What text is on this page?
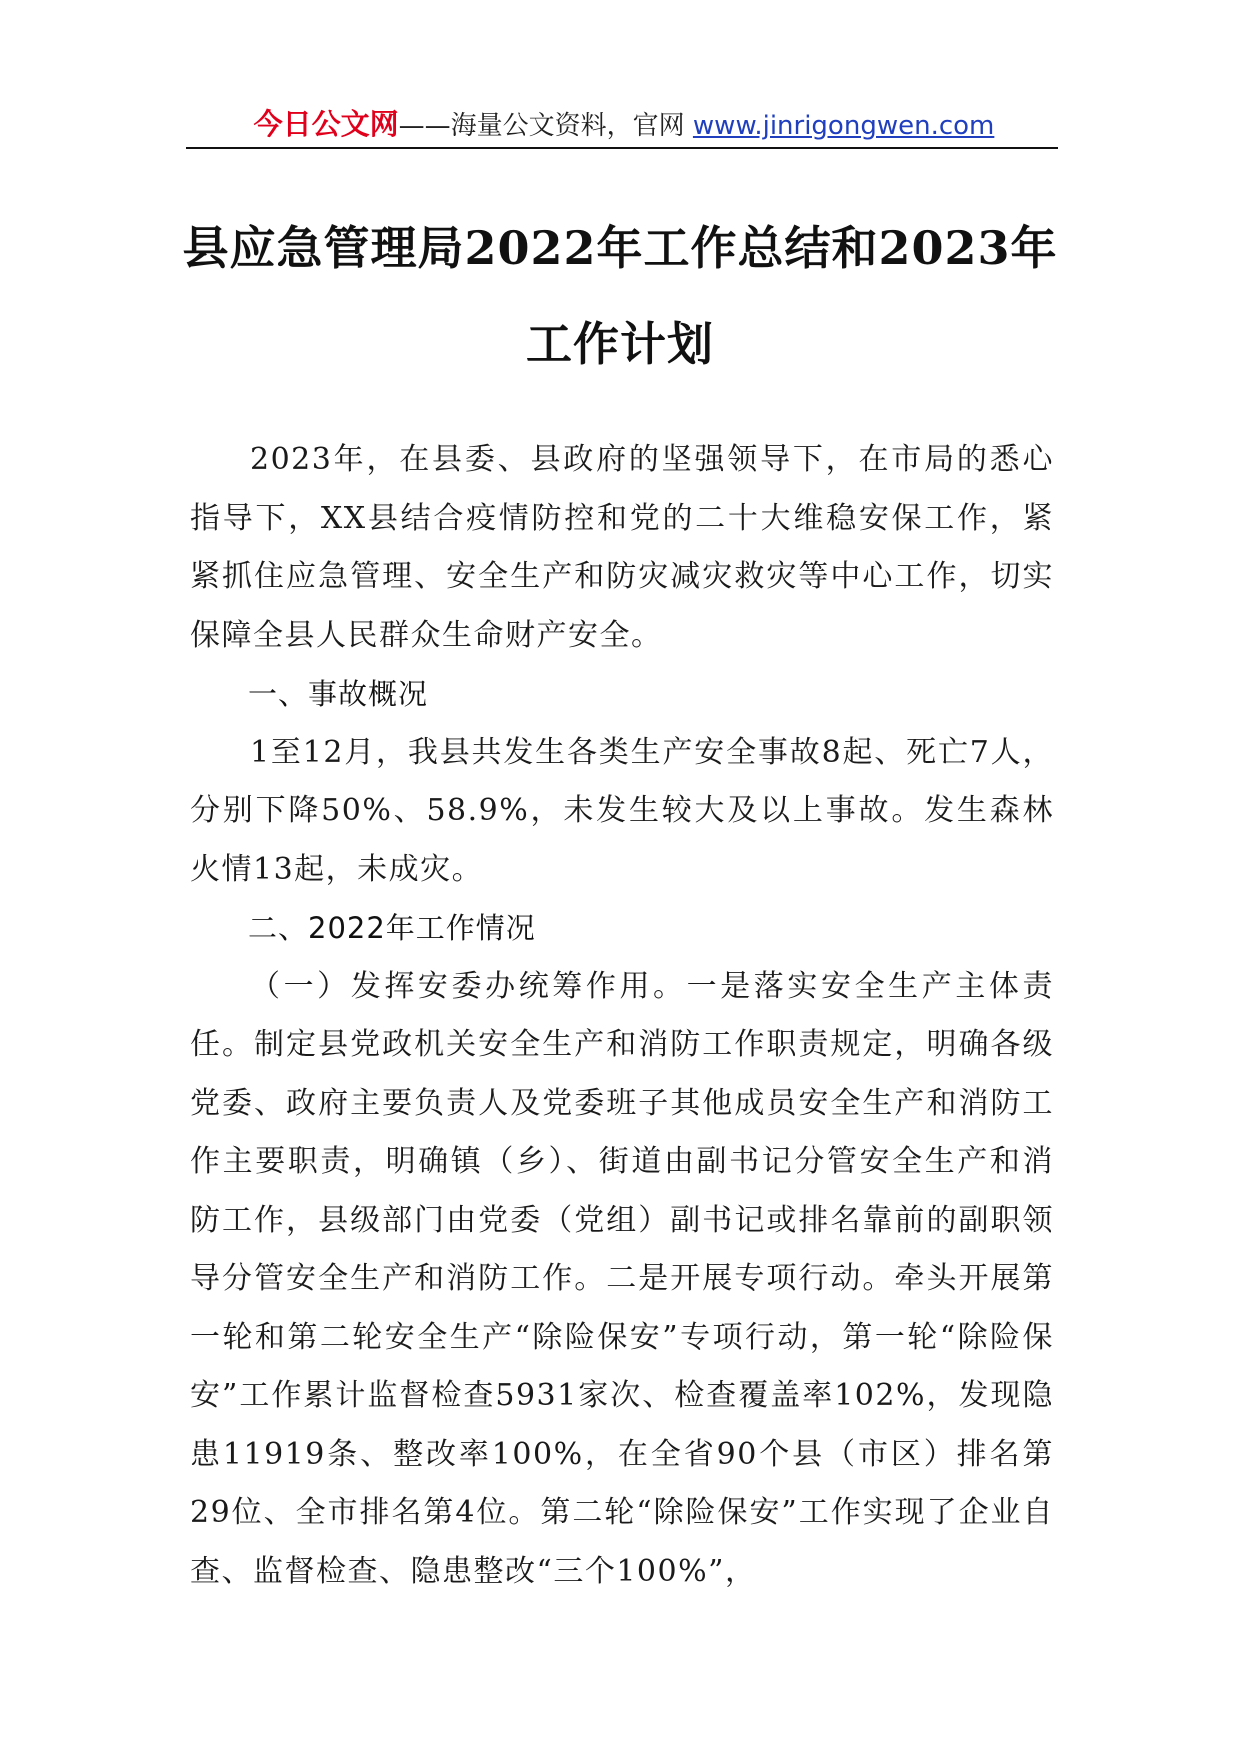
今日公文网——海量公文资料，官网 www.jinrigongwen.com
县应急管理局2022年工作总结和2023年
工作计划

2023年，在县委、县政府的坚强领导下，在市局的悉心指导下，XX县结合疫情防控和党的二十大维稳安保工作，紧紧抓住应急管理、安全生产和防灾减灾救灾等中心工作，切实保障全县人民群众生命财产安全。

一、事故概况

1至12月，我县共发生各类生产安全事故8起、死亡7人，分别下降50%、58.9%，未发生较大及以上事故。发生森林火情13起，未成灾。

二、2022年工作情况

（一）发挥安委办统筹作用。一是落实安全生产主体责任。制定县党政机关安全生产和消防工作职责规定，明确各级党委、政府主要负责人及党委班子其他成员安全生产和消防工作主要职责，明确镇（乡）、街道由副书记分管安全生产和消防工作，县级部门由党委（党组）副书记或排名靠前的副职领导分管安全生产和消防工作。二是开展专项行动。牵头开展第一轮和第二轮安全生产“除险保安”专项行动，第一轮“除险保安”工作累计监督检查5931家次、检查覆盖率102%，发现隐患11919条、整改率100%，在全省90个县（市区）排名第29位、全市排名第4位。第二轮“除险保安”工作实现了企业自查、监督检查、隐患整改“三个100%”，
